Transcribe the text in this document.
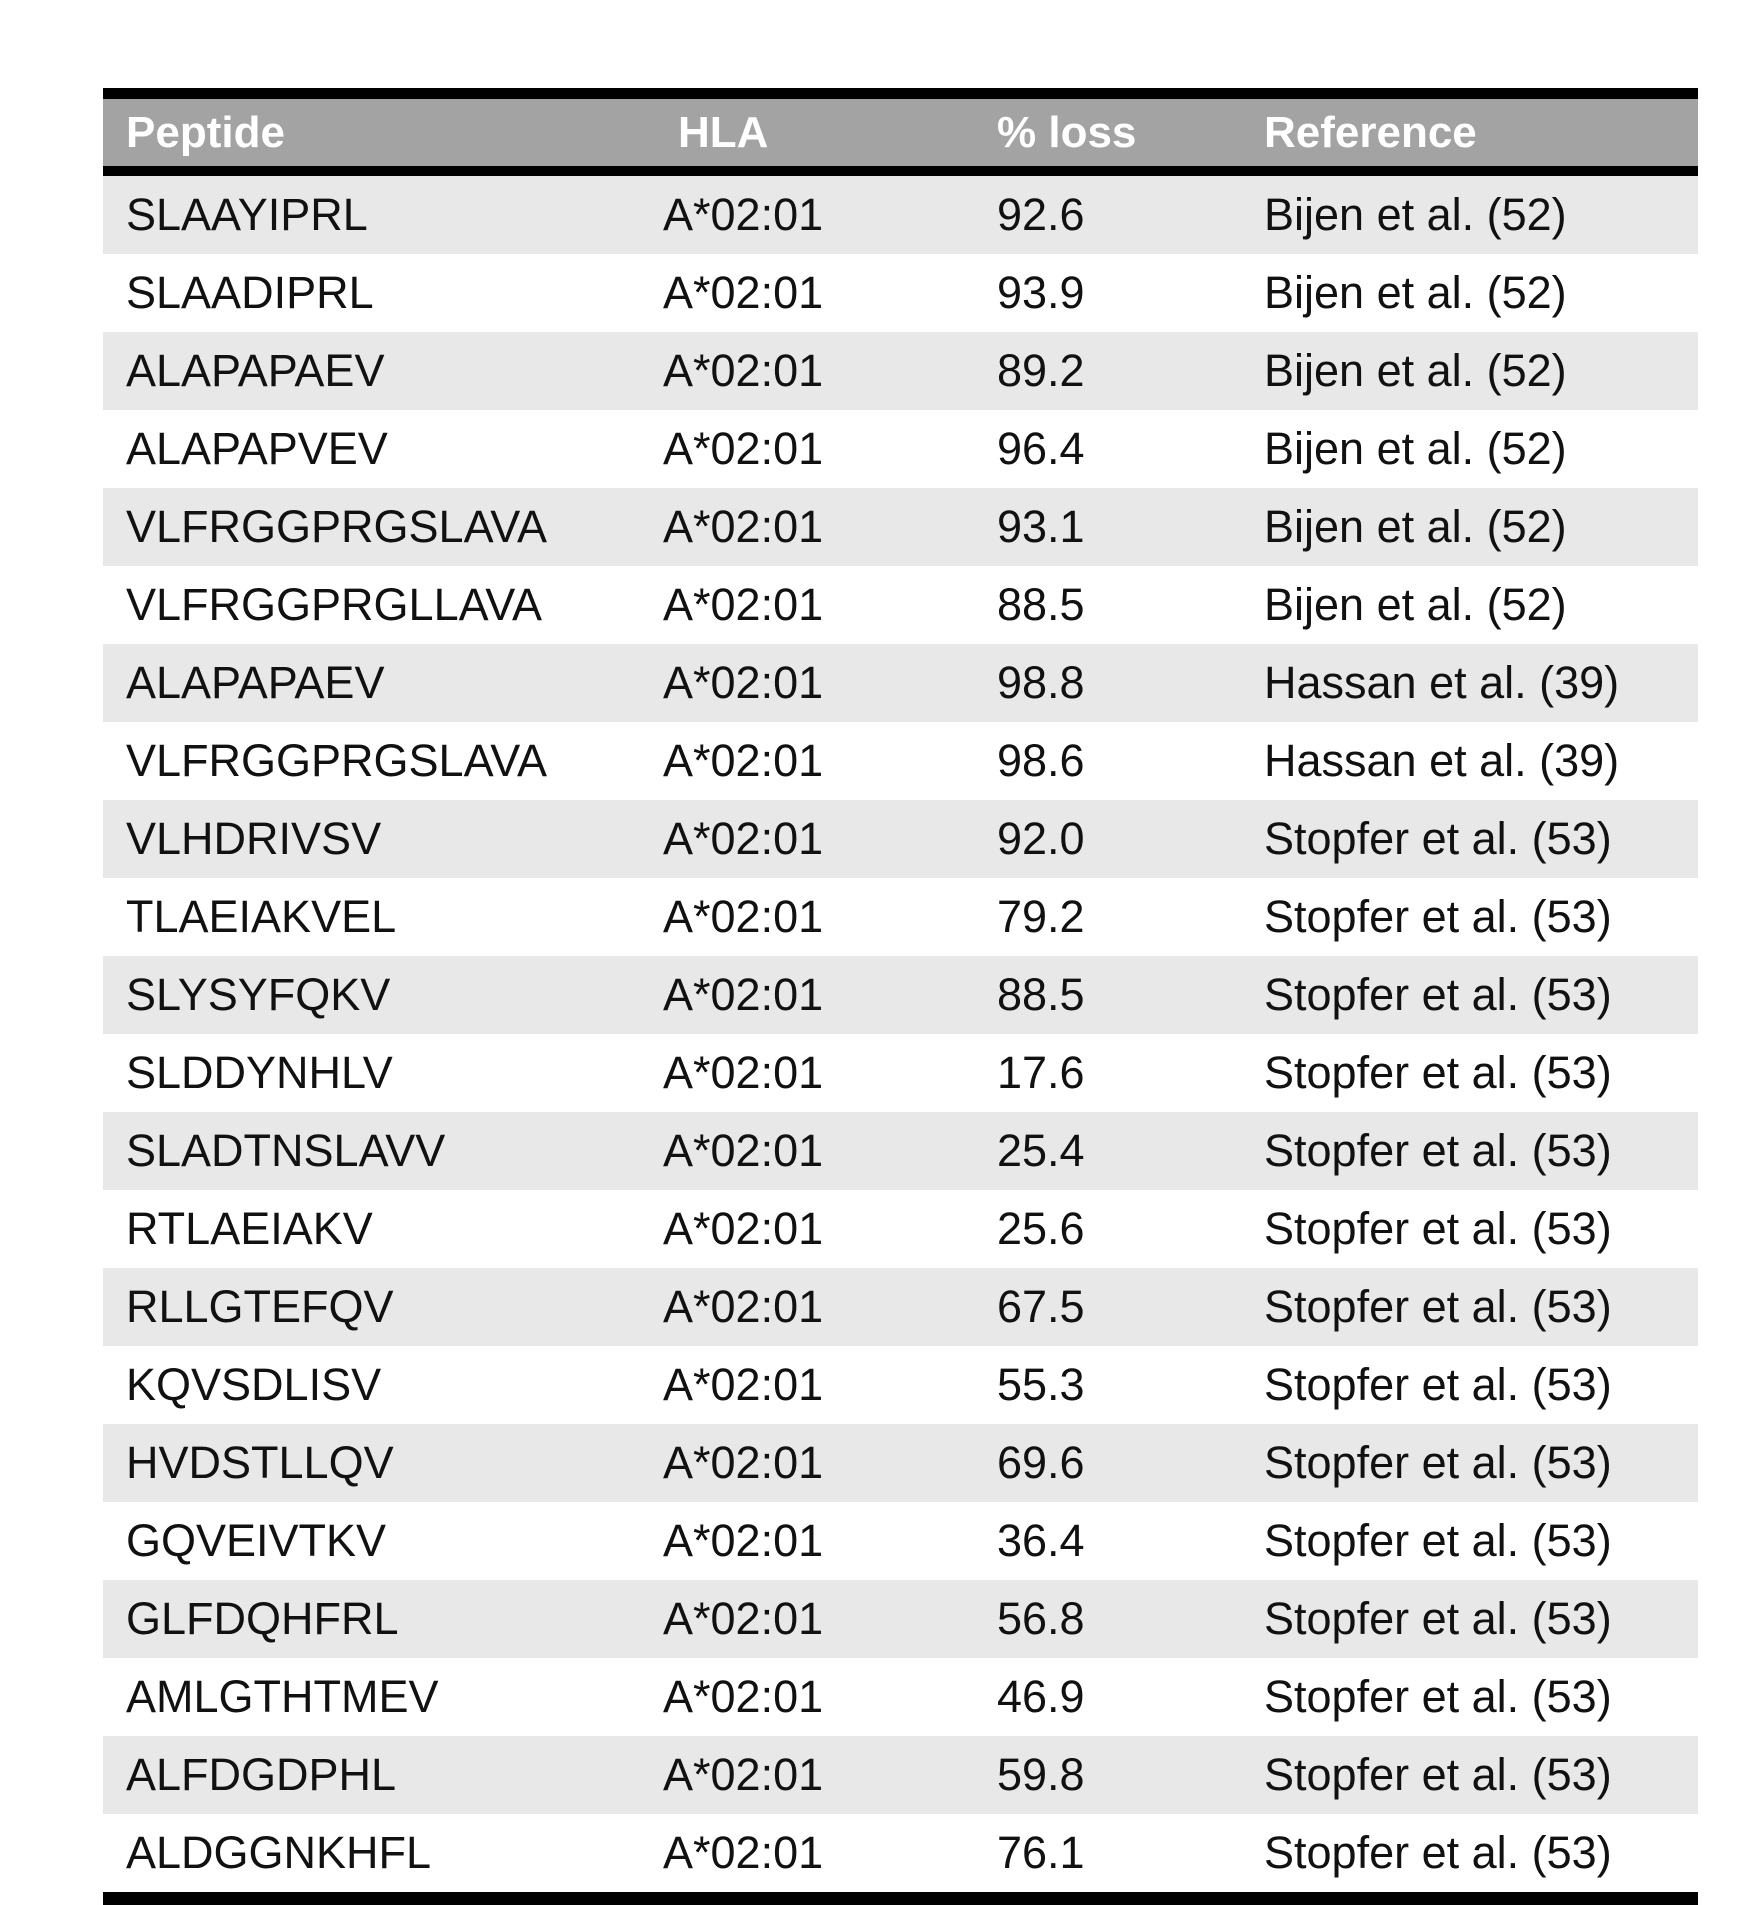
Peptide	HLA	% loss	Reference
SLAAYIPRL	A*02:01	92.6	Bijen et al. (52)
SLAADIPRL	A*02:01	93.9	Bijen et al. (52)
ALAPAPAEV	A*02:01	89.2	Bijen et al. (52)
ALAPAPVEV	A*02:01	96.4	Bijen et al. (52)
VLFRGGPRGSLAVA	A*02:01	93.1	Bijen et al. (52)
VLFRGGPRGLLAVA	A*02:01	88.5	Bijen et al. (52)
ALAPAPAEV	A*02:01	98.8	Hassan et al. (39)
VLFRGGPRGSLAVA	A*02:01	98.6	Hassan et al. (39)
VLHDRIVSV	A*02:01	92.0	Stopfer et al. (53)
TLAEIAKVEL	A*02:01	79.2	Stopfer et al. (53)
SLYSYFQKV	A*02:01	88.5	Stopfer et al. (53)
SLDDYNHLV	A*02:01	17.6	Stopfer et al. (53)
SLADTNSLAVV	A*02:01	25.4	Stopfer et al. (53)
RTLAEIAKV	A*02:01	25.6	Stopfer et al. (53)
RLLGTEFQV	A*02:01	67.5	Stopfer et al. (53)
KQVSDLISV	A*02:01	55.3	Stopfer et al. (53)
HVDSTLLQV	A*02:01	69.6	Stopfer et al. (53)
GQVEIVTKV	A*02:01	36.4	Stopfer et al. (53)
GLFDQHFRL	A*02:01	56.8	Stopfer et al. (53)
AMLGTHTMEV	A*02:01	46.9	Stopfer et al. (53)
ALFDGDPHL	A*02:01	59.8	Stopfer et al. (53)
ALDGGNKHFL	A*02:01	76.1	Stopfer et al. (53)
